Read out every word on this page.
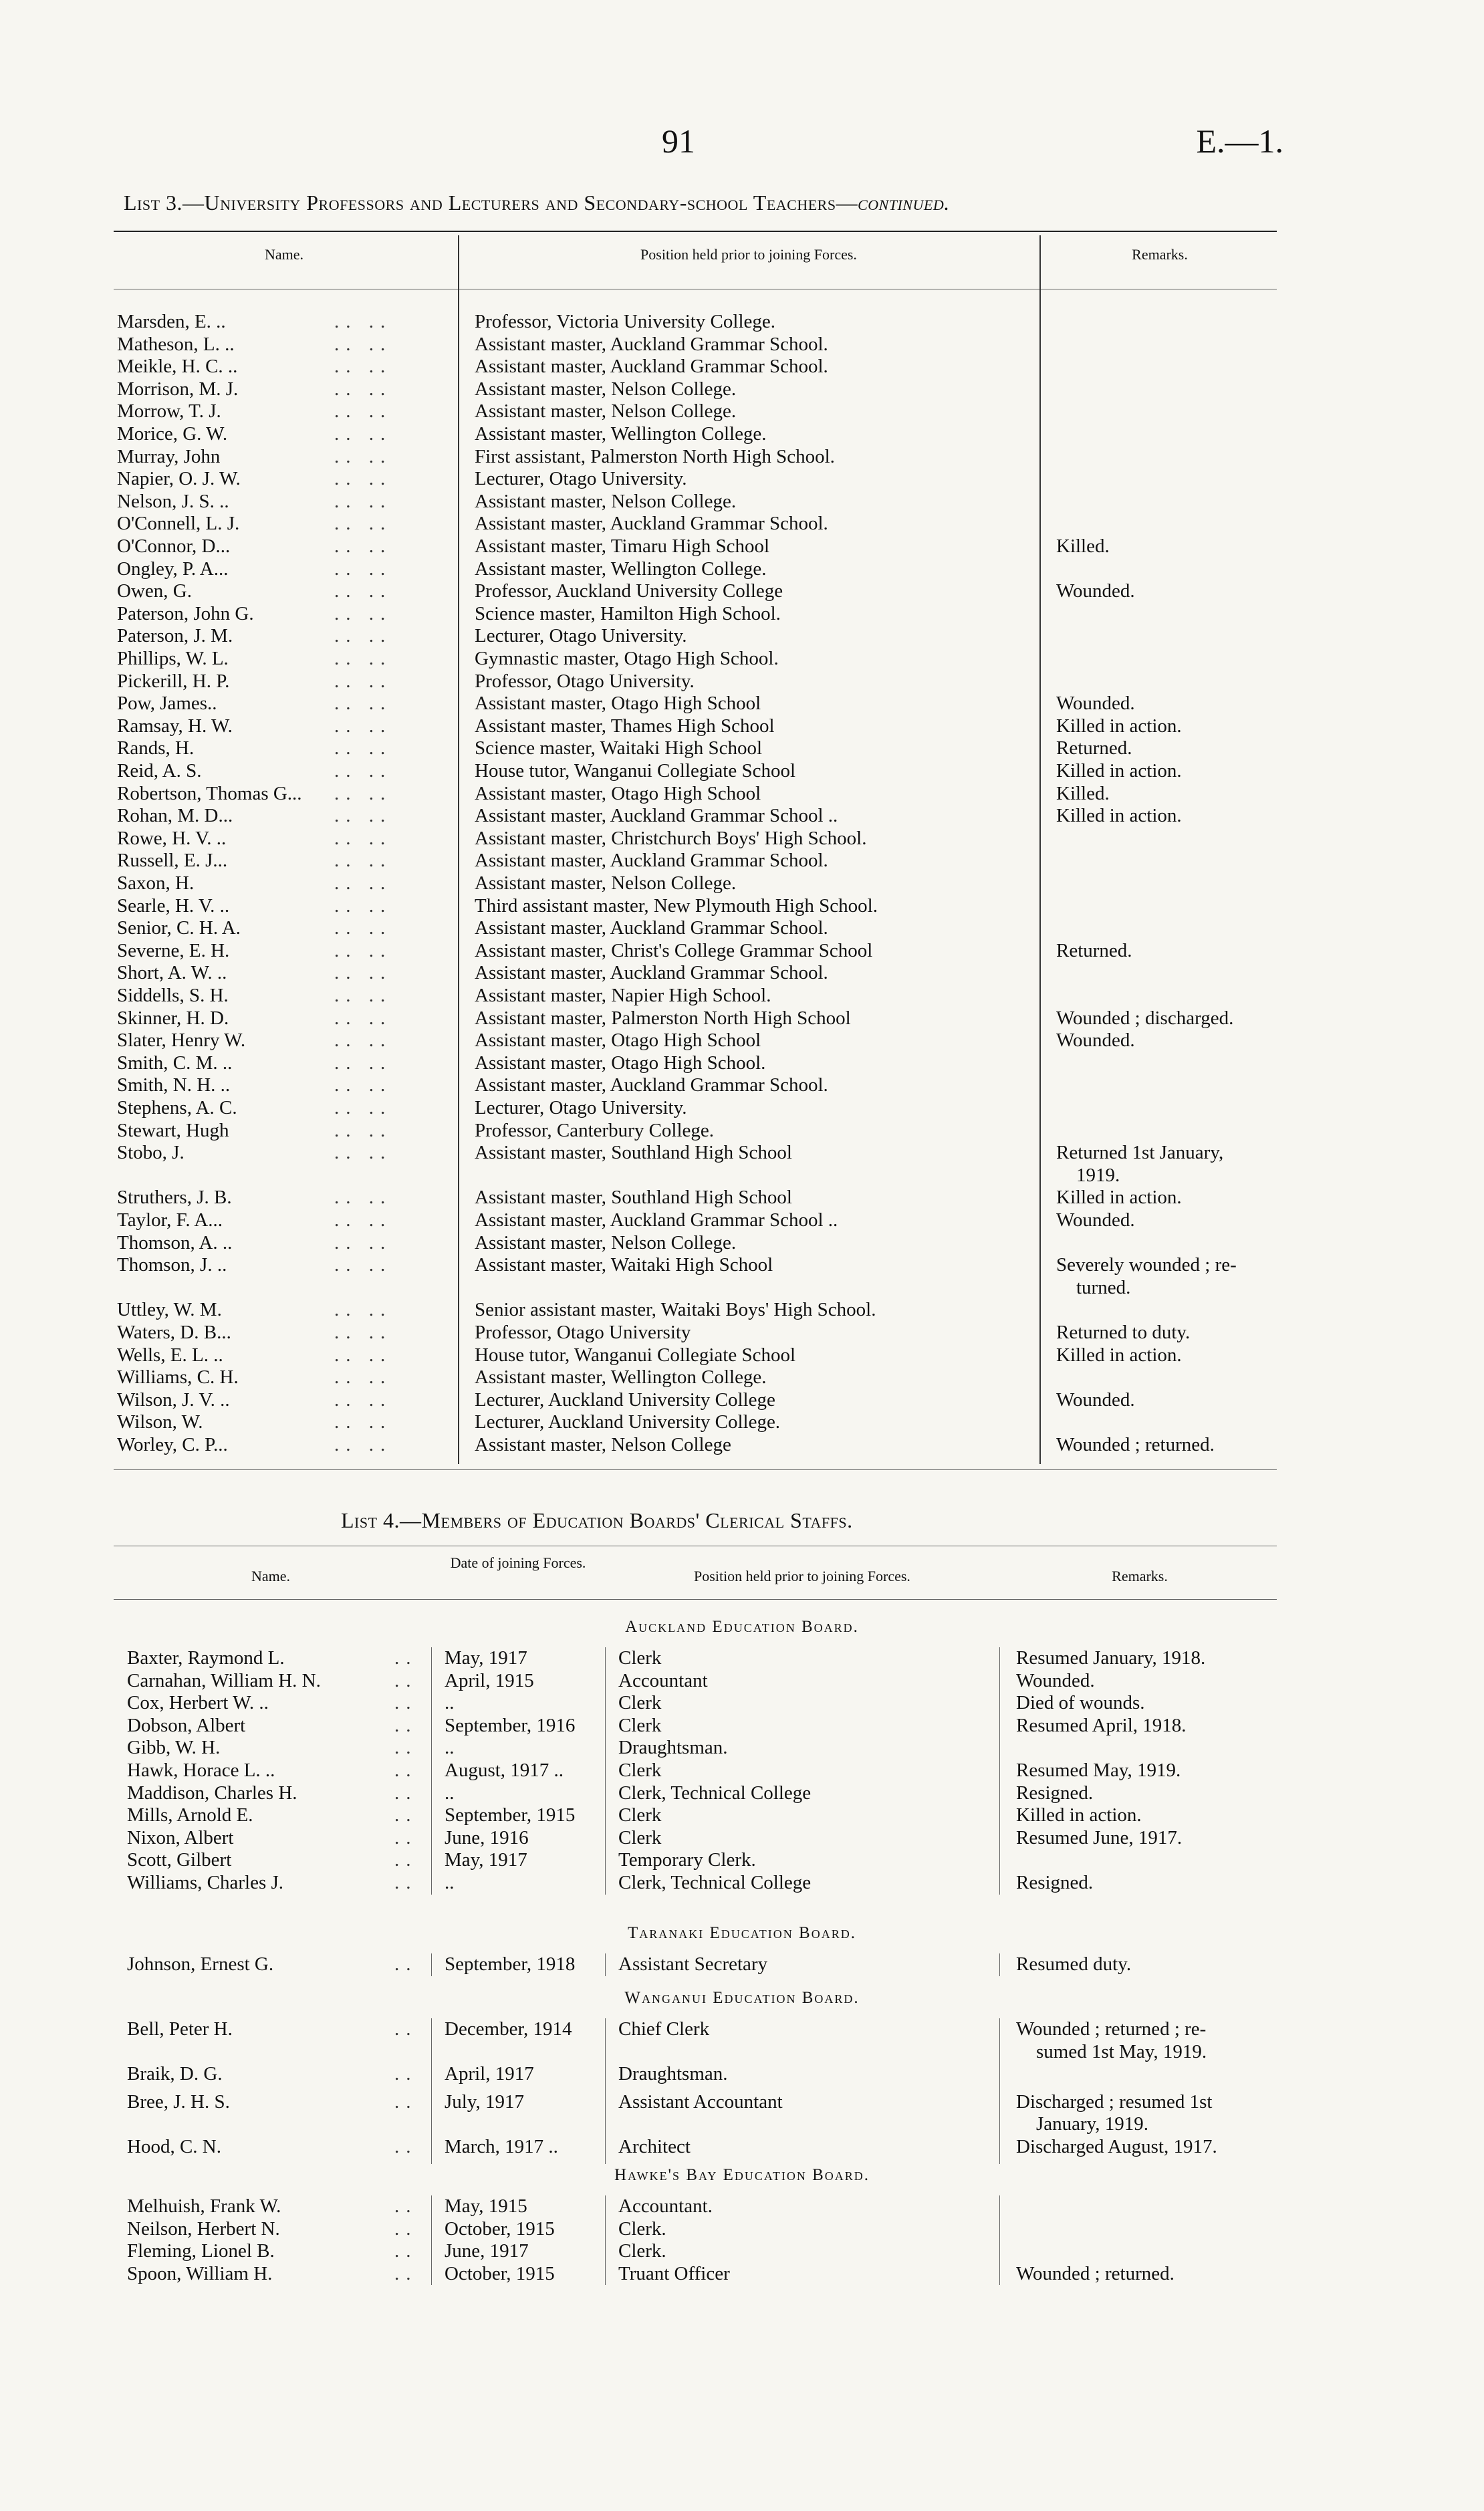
91	E.—1.
List 3.—University Professors and Lecturers and Secondary-school Teachers—continued.
Name.	Position held prior to joining Forces.	Remarks.
Marsden, E. ..	.. ..	Professor, Victoria University College.
Matheson, L. ..	.. ..	Assistant master, Auckland Grammar School.
Meikle, H. C. ..	.. ..	Assistant master, Auckland Grammar School.
Morrison, M. J.	.. ..	Assistant master, Nelson College.
Morrow, T. J.	.. ..	Assistant master, Nelson College.
Morice, G. W.	.. ..	Assistant master, Wellington College.
Murray, John	.. ..	First assistant, Palmerston North High School.
Napier, O. J. W.	.. ..	Lecturer, Otago University.
Nelson, J. S. ..	.. ..	Assistant master, Nelson College.
O'Connell, L. J.	.. ..	Assistant master, Auckland Grammar School.
O'Connor, D...	.. ..	Assistant master, Timaru High School	Killed.
Ongley, P. A...	.. ..	Assistant master, Wellington College.
Owen, G.	.. ..	Professor, Auckland University College	Wounded.
Paterson, John G.	.. ..	Science master, Hamilton High School.
Paterson, J. M.	.. ..	Lecturer, Otago University.
Phillips, W. L.	.. ..	Gymnastic master, Otago High School.
Pickerill, H. P.	.. ..	Professor, Otago University.
Pow, James..	.. ..	Assistant master, Otago High School	Wounded.
Ramsay, H. W.	.. ..	Assistant master, Thames High School	Killed in action.
Rands, H.	.. ..	Science master, Waitaki High School	Returned.
Reid, A. S.	.. ..	House tutor, Wanganui Collegiate School	Killed in action.
Robertson, Thomas G... .. ..	Assistant master, Otago High School	Killed.
Rohan, M. D...	.. ..	Assistant master, Auckland Grammar School ..	Killed in action.
Rowe, H. V. ..	.. ..	Assistant master, Christchurch Boys' High School.
Russell, E. J...	.. ..	Assistant master, Auckland Grammar School.
Saxon, H.	.. ..	Assistant master, Nelson College.
Searle, H. V. ..	.. ..	Third assistant master, New Plymouth High School.
Senior, C. H. A.	.. ..	Assistant master, Auckland Grammar School.
Severne, E. H.	.. ..	Assistant master, Christ's College Grammar School	Returned.
Short, A. W. ..	.. ..	Assistant master, Auckland Grammar School.
Siddells, S. H.	.. ..	Assistant master, Napier High School.
Skinner, H. D.	.. ..	Assistant master, Palmerston North High School	Wounded ; discharged.
Slater, Henry W.	.. ..	Assistant master, Otago High School	Wounded.
Smith, C. M. ..	.. ..	Assistant master, Otago High School.
Smith, N. H. ..	.. ..	Assistant master, Auckland Grammar School.
Stephens, A. C.	.. ..	Lecturer, Otago University.
Stewart, Hugh	.. ..	Professor, Canterbury College.
Stobo, J.	.. ..	Assistant master, Southland High School	Returned 1st January,
1919.
Struthers, J. B.	.. ..	Assistant master, Southland High School	Killed in action.
Taylor, F. A...	.. ..	Assistant master, Auckland Grammar School ..	Wounded.
Thomson, A. ..	.. ..	Assistant master, Nelson College.
Thomson, J. ..	.. ..	Assistant master, Waitaki High School	Severely wounded ; re-
turned.
Uttley, W. M.	.. ..	Senior assistant master, Waitaki Boys' High School.
Waters, D. B...	.. ..	Professor, Otago University	Returned to duty.
Wells, E. L. ..	.. ..	House tutor, Wanganui Collegiate School	Killed in action.
Williams, C. H.	.. ..	Assistant master, Wellington College.
Wilson, J. V. ..	.. ..	Lecturer, Auckland University College	Wounded.
Wilson, W.	.. ..	Lecturer, Auckland University College.
Worley, C. P...	.. ..	Assistant master, Nelson College	Wounded ; returned.
List 4.—Members of Education Boards' Clerical Staffs.
Name.
Date of joining Forces.
Position held prior to joining Forces.	Remarks.
Auckland Education Board.
Baxter, Raymond L.	.. May, 1917	Clerk	Resumed January, 1918.
Carnahan, William H. N.	.. April, 1915	Accountant	Wounded.
Cox, Herbert W. ..	.. ..	Clerk	Died of wounds.
Dobson, Albert	.. September, 1916 Clerk	Resumed April, 1918.
Gibb, W. H.	.. ..	Draughtsman.
Hawk, Horace L. ..	.. August, 1917 ..	Clerk	Resumed May, 1919.
Maddison, Charles H.	.. ..	Clerk, Technical College	Resigned.
Mills, Arnold E.	.. September, 1915 Clerk	Killed in action.
Nixon, Albert	.. June, 1916	Clerk	Resumed June, 1917.
Scott, Gilbert	.. May, 1917	Temporary Clerk.
Williams, Charles J.	.. ..	Clerk, Technical College	Resigned.
Taranaki Education Board.
Johnson, Ernest G.	.. September, 1918 Assistant Secretary	Resumed duty.
Wanganui Education Board.
Bell, Peter H.	.. December, 1914 Chief Clerk	Wounded ; returned ; re-
sumed 1st May, 1919.
Braik, D. G.	.. April, 1917	Draughtsman.
Bree, J. H. S.	.. July, 1917	Assistant Accountant	Discharged ; resumed 1st
January, 1919.
Hood, C. N.	.. March, 1917 ..	Architect	Discharged August, 1917.
Hawke's Bay Education Board.
Melhuish, Frank W.	.. May, 1915	Accountant.
Neilson, Herbert N.	.. October, 1915	Clerk.
Fleming, Lionel B.	.. June, 1917	Clerk.
Spoon, William H.	.. October, 1915	Truant Officer	Wounded ; returned.
